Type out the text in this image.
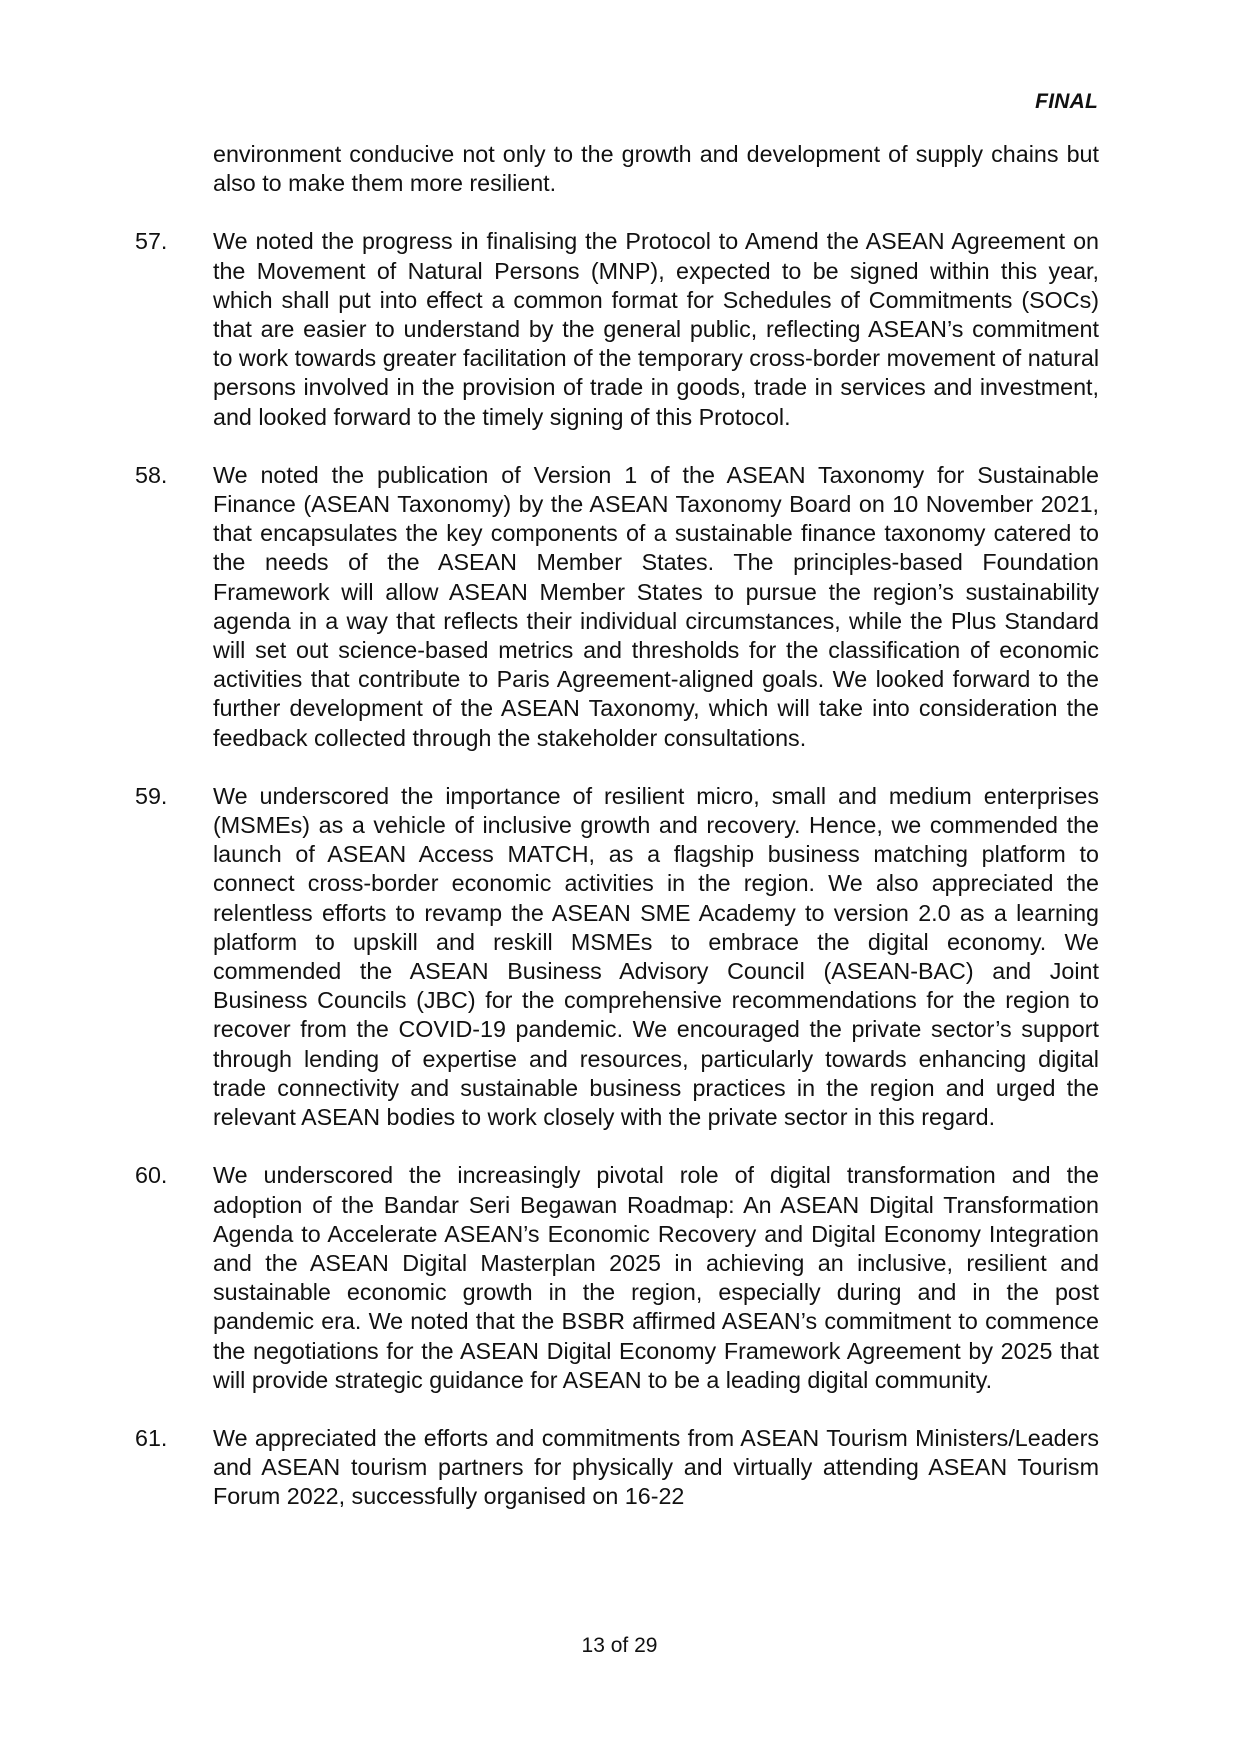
FINAL

environment conducive not only to the growth and development of supply chains but also to make them more resilient.

57.	We noted the progress in finalising the Protocol to Amend the ASEAN Agreement on the Movement of Natural Persons (MNP), expected to be signed within this year, which shall put into effect a common format for Schedules of Commitments (SOCs) that are easier to understand by the general public, reflecting ASEAN’s commitment to work towards greater facilitation of the temporary cross-border movement of natural persons involved in the provision of trade in goods, trade in services and investment, and looked forward to the timely signing of this Protocol.

58.	We noted the publication of Version 1 of the ASEAN Taxonomy for Sustainable Finance (ASEAN Taxonomy) by the ASEAN Taxonomy Board on 10 November 2021, that encapsulates the key components of a sustainable finance taxonomy catered to the needs of the ASEAN Member States. The principles-based Foundation Framework will allow ASEAN Member States to pursue the region’s sustainability agenda in a way that reflects their individual circumstances, while the Plus Standard will set out science-based metrics and thresholds for the classification of economic activities that contribute to Paris Agreement-aligned goals. We looked forward to the further development of the ASEAN Taxonomy, which will take into consideration the feedback collected through the stakeholder consultations.

59.	We underscored the importance of resilient micro, small and medium enterprises (MSMEs) as a vehicle of inclusive growth and recovery. Hence, we commended the launch of ASEAN Access MATCH, as a flagship business matching platform to connect cross-border economic activities in the region. We also appreciated the relentless efforts to revamp the ASEAN SME Academy to version 2.0 as a learning platform to upskill and reskill MSMEs to embrace the digital economy. We commended the ASEAN Business Advisory Council (ASEAN-BAC) and Joint Business Councils (JBC) for the comprehensive recommendations for the region to recover from the COVID-19 pandemic. We encouraged the private sector’s support through lending of expertise and resources, particularly towards enhancing digital trade connectivity and sustainable business practices in the region and urged the relevant ASEAN bodies to work closely with the private sector in this regard.

60.	We underscored the increasingly pivotal role of digital transformation and the adoption of the Bandar Seri Begawan Roadmap: An ASEAN Digital Transformation Agenda to Accelerate ASEAN’s Economic Recovery and Digital Economy Integration and the ASEAN Digital Masterplan 2025 in achieving an inclusive, resilient and sustainable economic growth in the region, especially during and in the post pandemic era. We noted that the BSBR affirmed ASEAN’s commitment to commence the negotiations for the ASEAN Digital Economy Framework Agreement by 2025 that will provide strategic guidance for ASEAN to be a leading digital community.

61.	We appreciated the efforts and commitments from ASEAN Tourism Ministers/Leaders and ASEAN tourism partners for physically and virtually attending ASEAN Tourism Forum 2022, successfully organised on 16-22

13 of 29
